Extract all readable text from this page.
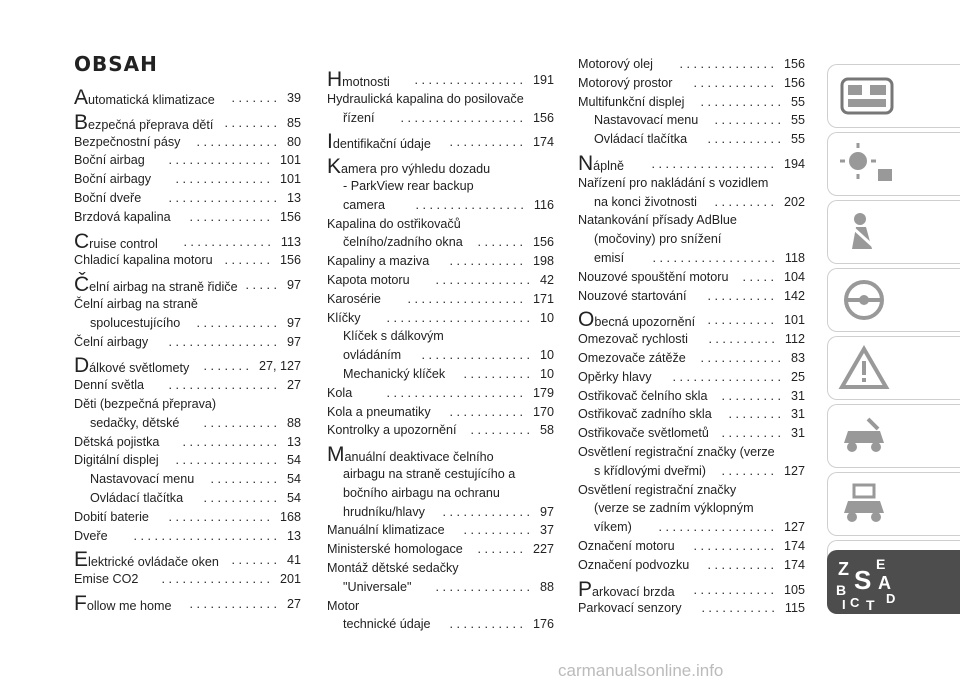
OBSAH
Automatická klimatizace . . . . . . . 39
Bezpečná přeprava dětí . . . . . . . . 85
Bezpečnostní pásy . . . . . . . . . . . . 80
Boční airbag . . . . . . . . . . . . . . . 101
Boční airbagy . . . . . . . . . . . . . . 101
Boční dveře . . . . . . . . . . . . . . . . 13
Brzdová kapalina . . . . . . . . . . . . 156
Cruise control . . . . . . . . . . . . . 113
Chladicí kapalina motoru . . . . . . . 156
Čelní airbag na straně řidiče . . . . . 97
Čelní airbag na straně
spolucestujícího . . . . . . . . . . . . 97
Čelní airbagy . . . . . . . . . . . . . . . . 97
Dálkové světlomety . . . . . . . 27, 127
Denní světla . . . . . . . . . . . . . . . . 27
Děti (bezpečná přeprava)
sedačky, dětské . . . . . . . . . . . 88
Dětská pojistka . . . . . . . . . . . . . . 13
Digitální displej . . . . . . . . . . . . . . . 54
Nastavovací menu . . . . . . . . . . 54
Ovládací tlačítka . . . . . . . . . . . 54
Dobití baterie . . . . . . . . . . . . . . . 168
Dveře . . . . . . . . . . . . . . . . . . . . . 13
Elektrické ovládače oken . . . . . . . 41
Emise CO2 . . . . . . . . . . . . . . . . 201
Follow me home . . . . . . . . . . . . . 27
Hmotnosti . . . . . . . . . . . . . . . . 191
Hydraulická kapalina do posilovače
řízení . . . . . . . . . . . . . . . . . . 156
Identifikační údaje . . . . . . . . . . . 174
Kamera pro výhledu dozadu
- ParkView rear backup
camera . . . . . . . . . . . . . . . . 116
Kapalina do ostřikovačů
čelního/zadního okna . . . . . . . 156
Kapaliny a maziva . . . . . . . . . . . 198
Kapota motoru . . . . . . . . . . . . . . 42
Karosérie . . . . . . . . . . . . . . . . . 171
Klíčky . . . . . . . . . . . . . . . . . . . . . 10
Klíček s dálkovým
ovládáním . . . . . . . . . . . . . . . . 10
Mechanický klíček . . . . . . . . . . 10
Kola	. . . . . . . . . . . . . . . . . . . . 179
Kola a pneumatiky . . . . . . . . . . . 170
Kontrolky a upozornění . . . . . . . . . 58
Manuální deaktivace čelního
airbagu na straně cestujícího a
bočního airbagu na ochranu
hrudníku/hlavy . . . . . . . . . . . . . 97
Manuální klimatizace . . . . . . . . . . 37
Ministerské homologace . . . . . . . 227
Montáž dětské sedačky
"Universale" . . . . . . . . . . . . . . 88
Motor
technické údaje . . . . . . . . . . . 176
Motorový olej . . . . . . . . . . . . . . 156
Motorový prostor . . . . . . . . . . . . 156
Multifunkční displej . . . . . . . . . . . . 55
Nastavovací menu . . . . . . . . . . 55
Ovládací tlačítka . . . . . . . . . . . 55
Náplně . . . . . . . . . . . . . . . . . . 194
Nařízení pro nakládání s vozidlem
na konci životnosti . . . . . . . . . 202
Natankování přísady AdBlue
(močoviny) pro snížení
emisí . . . . . . . . . . . . . . . . . . 118
Nouzové spouštění motoru . . . . . 104
Nouzové startování . . . . . . . . . . 142
Obecná upozornění . . . . . . . . . . 101
Omezovač rychlosti . . . . . . . . . . 112
Omezovače zátěže . . . . . . . . . . . . 83
Opěrky hlavy . . . . . . . . . . . . . . . . 25
Ostřikovač čelního skla . . . . . . . . . 31
Ostřikovač zadního skla . . . . . . . . 31
Ostřikovače světlometů . . . . . . . . . 31
Osvětlení registrační značky (verze
s křídlovými dveřmi) . . . . . . . . 127
Osvětlení registrační značky
(verze se zadním výklopným
víkem) . . . . . . . . . . . . . . . . . 127
Označení motoru . . . . . . . . . . . . 174
Označení podvozku . . . . . . . . . . 174
Parkovací brzda . . . . . . . . . . . . 105
Parkovací senzory . . . . . . . . . . . 115
Z E
B S A
C D
I T
carmanualsonline.info
